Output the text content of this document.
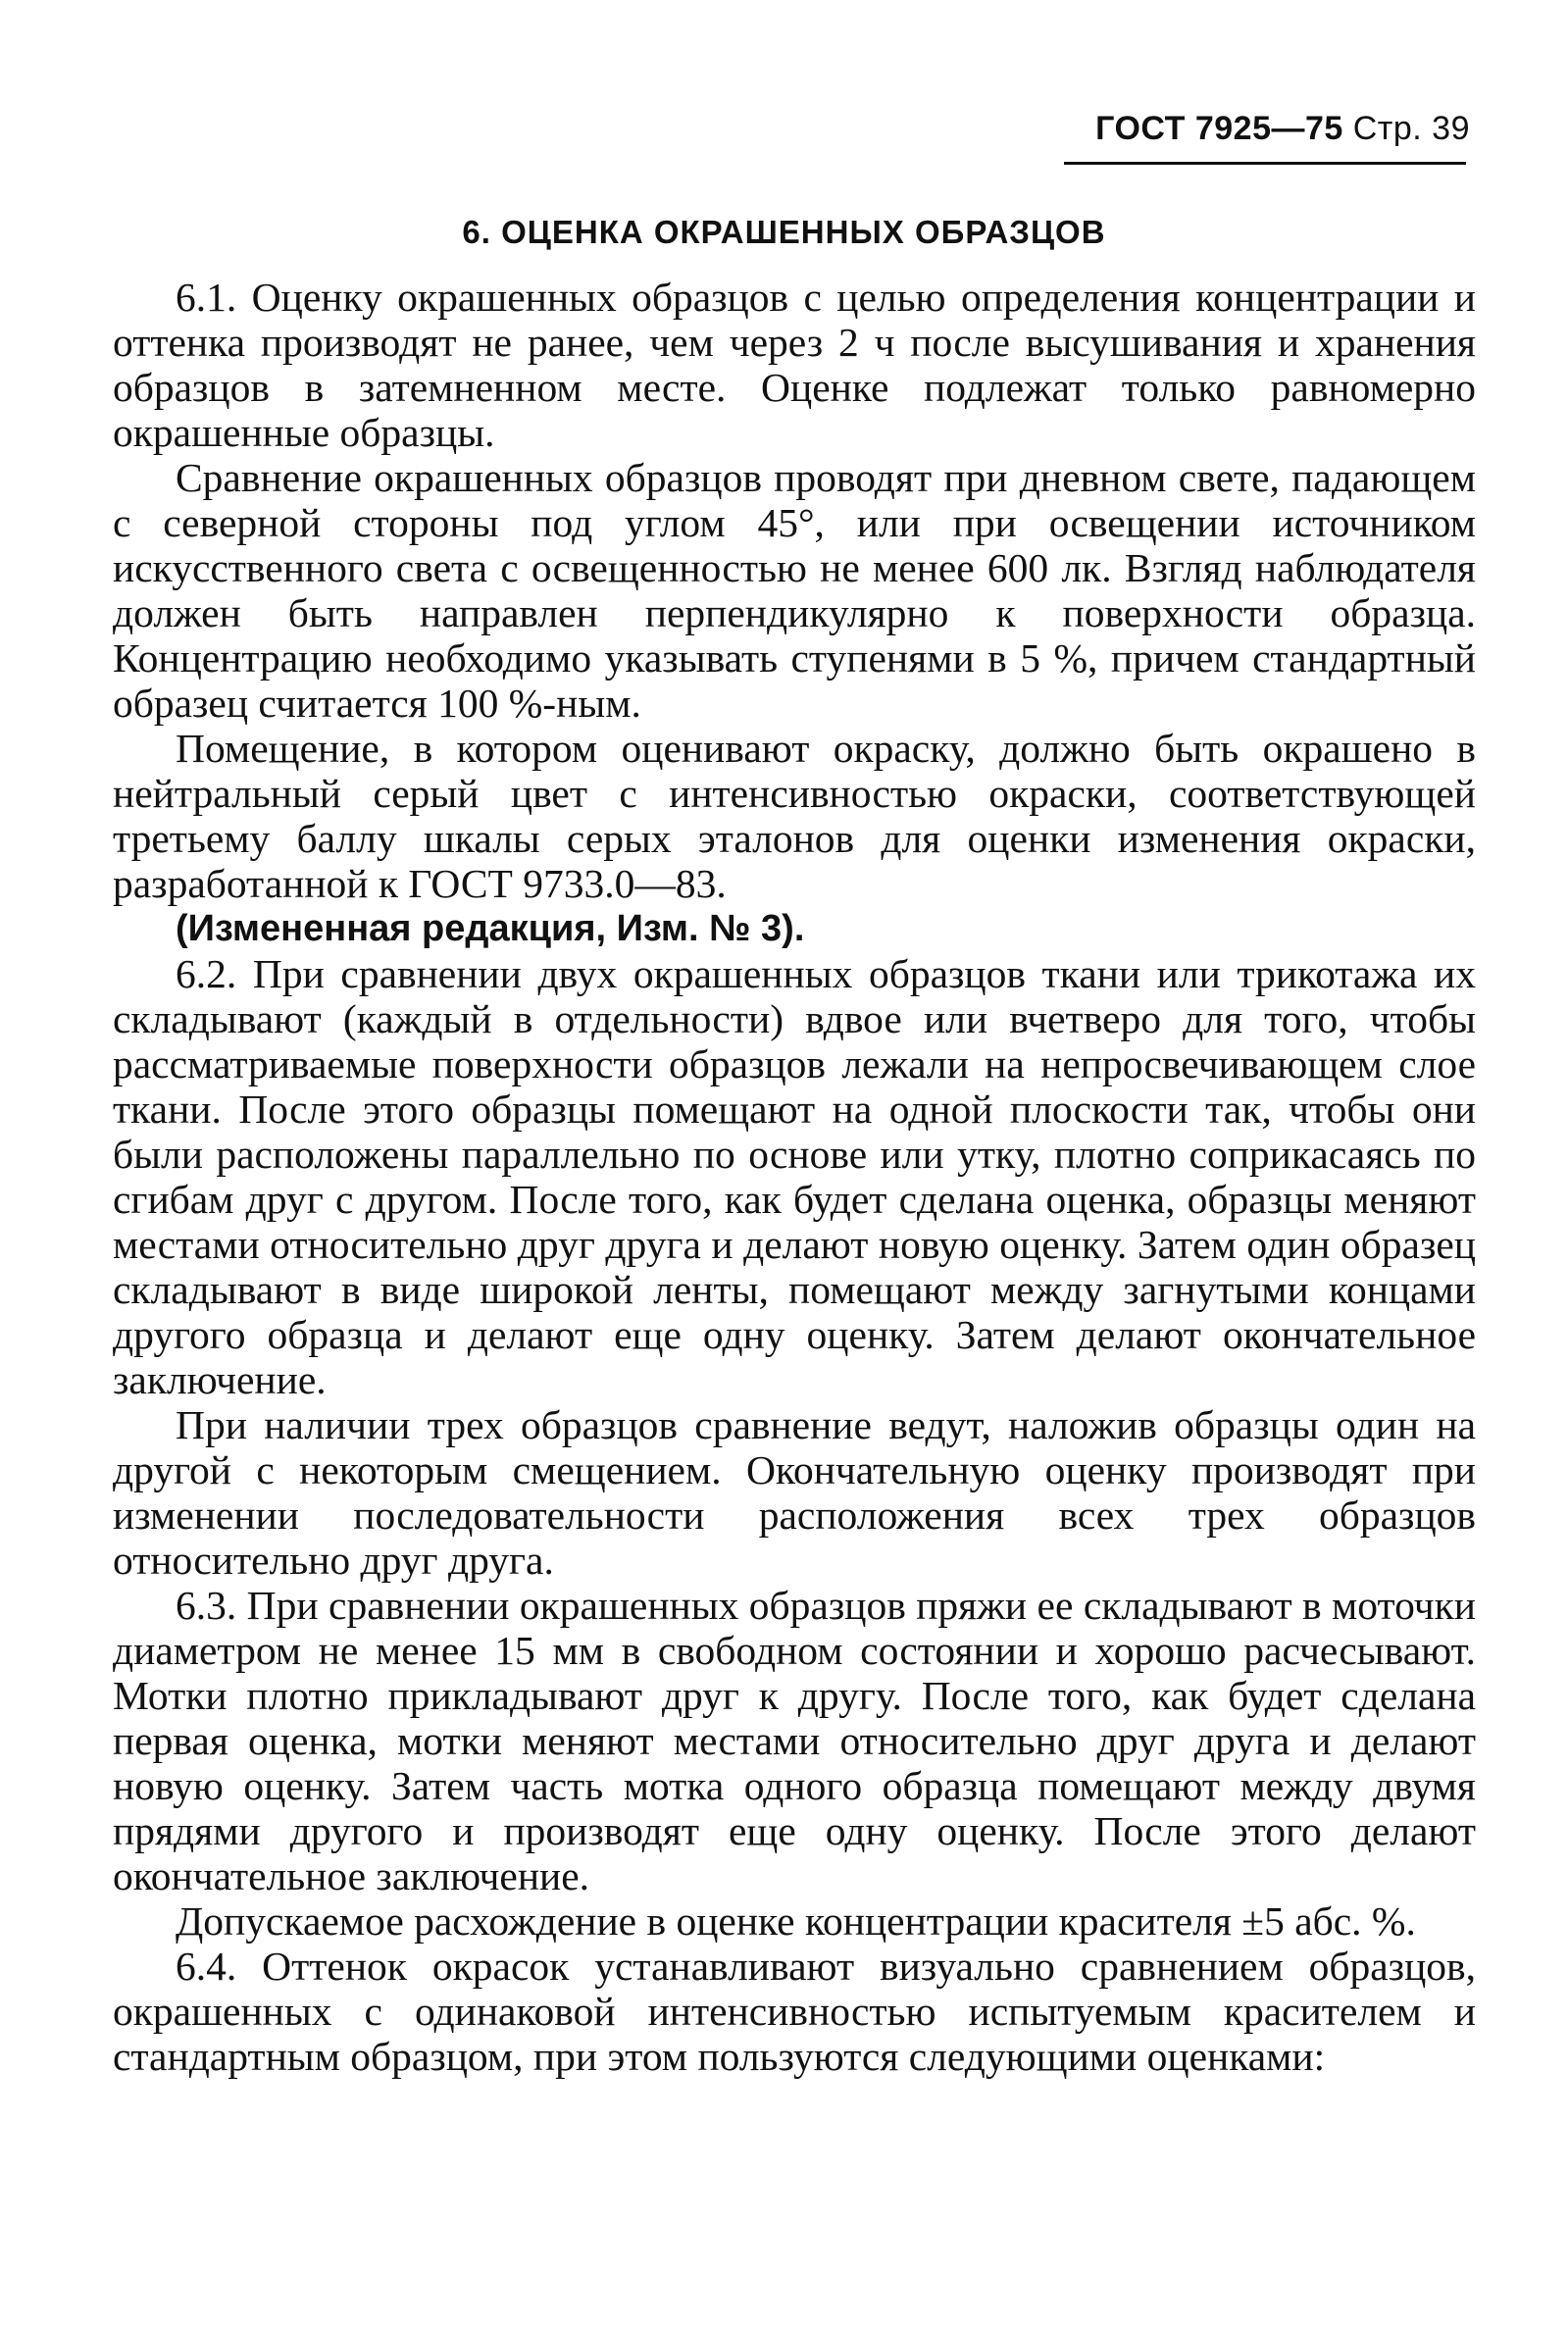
ГОСТ 7925—75 Стр. 39
6. ОЦЕНКА ОКРАШЕННЫХ ОБРАЗЦОВ

6.1. Оценку окрашенных образцов с целью определения концентрации и оттенка производят не ранее, чем через 2 ч после высушивания и хранения образцов в затемненном месте. Оценке подлежат только равномерно окрашенные образцы.

Сравнение окрашенных образцов проводят при дневном свете, падающем с северной стороны под углом 45°, или при освещении источником искусственного света с освещенностью не менее 600 лк. Взгляд наблюдателя должен быть направлен перпендикулярно к поверхности образца. Концентрацию необходимо указывать ступенями в 5 %, причем стандартный образец считается 100 %-ным.

Помещение, в котором оценивают окраску, должно быть окрашено в нейтральный серый цвет с интенсивностью окраски, соответствующей третьему баллу шкалы серых эталонов для оценки изменения окраски, разработанной к ГОСТ 9733.0—83.

(Измененная редакция, Изм. № 3).

6.2. При сравнении двух окрашенных образцов ткани или трикотажа их складывают (каждый в отдельности) вдвое или вчетверо для того, чтобы рассматриваемые поверхности образцов лежали на непросвечивающем слое ткани. После этого образцы помещают на одной плоскости так, чтобы они были расположены параллельно по основе или утку, плотно соприкасаясь по сгибам друг с другом. После того, как будет сделана оценка, образцы меняют местами относительно друг друга и делают новую оценку. Затем один образец складывают в виде широкой ленты, помещают между загнутыми концами другого образца и делают еще одну оценку. Затем делают окончательное заключение.

При наличии трех образцов сравнение ведут, наложив образцы один на другой с некоторым смещением. Окончательную оценку производят при изменении последовательности расположения всех трех образцов относительно друг друга.

6.3. При сравнении окрашенных образцов пряжи ее складывают в моточки диаметром не менее 15 мм в свободном состоянии и хорошо расчесывают. Мотки плотно прикладывают друг к другу. После того, как будет сделана первая оценка, мотки меняют местами относительно друг друга и делают новую оценку. Затем часть мотка одного образца помещают между двумя прядями другого и производят еще одну оценку. После этого делают окончательное заключение.

Допускаемое расхождение в оценке концентрации красителя ±5 абс. %.

6.4. Оттенок окрасок устанавливают визуально сравнением образцов, окрашенных с одинаковой интенсивностью испытуемым красителем и стандартным образцом, при этом пользуются следующими оценками:
